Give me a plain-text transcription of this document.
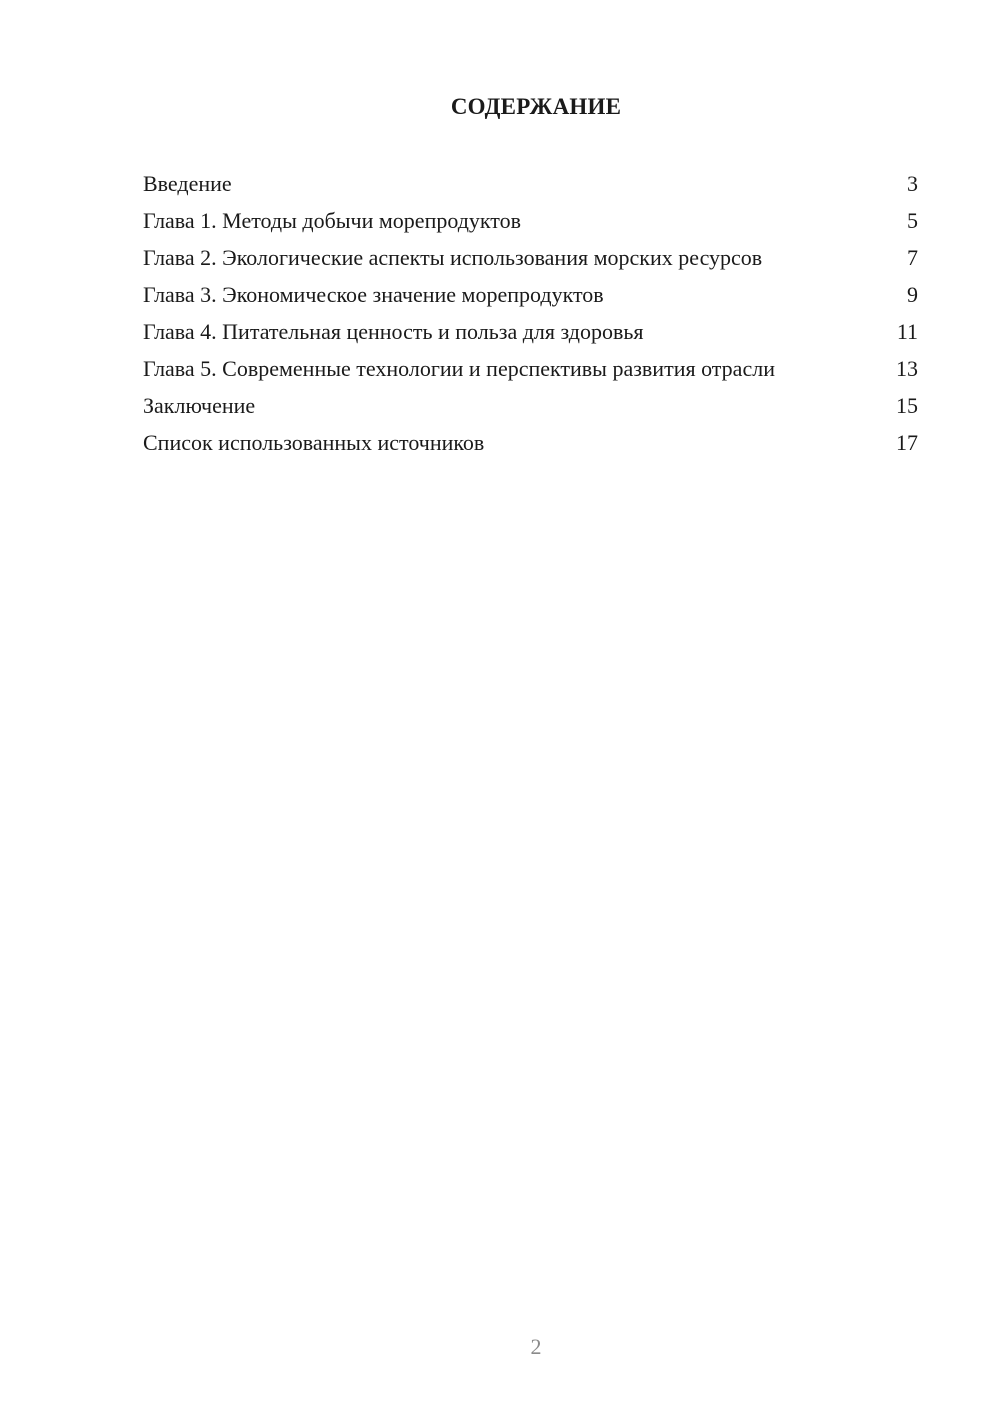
СОДЕРЖАНИЕ
Введение	3
Глава 1. Методы добычи морепродуктов	5
Глава 2. Экологические аспекты использования морских ресурсов	7
Глава 3. Экономическое значение морепродуктов	9
Глава 4. Питательная ценность и польза для здоровья	11
Глава 5. Современные технологии и перспективы развития отрасли	13
Заключение	15
Список использованных источников	17
2
